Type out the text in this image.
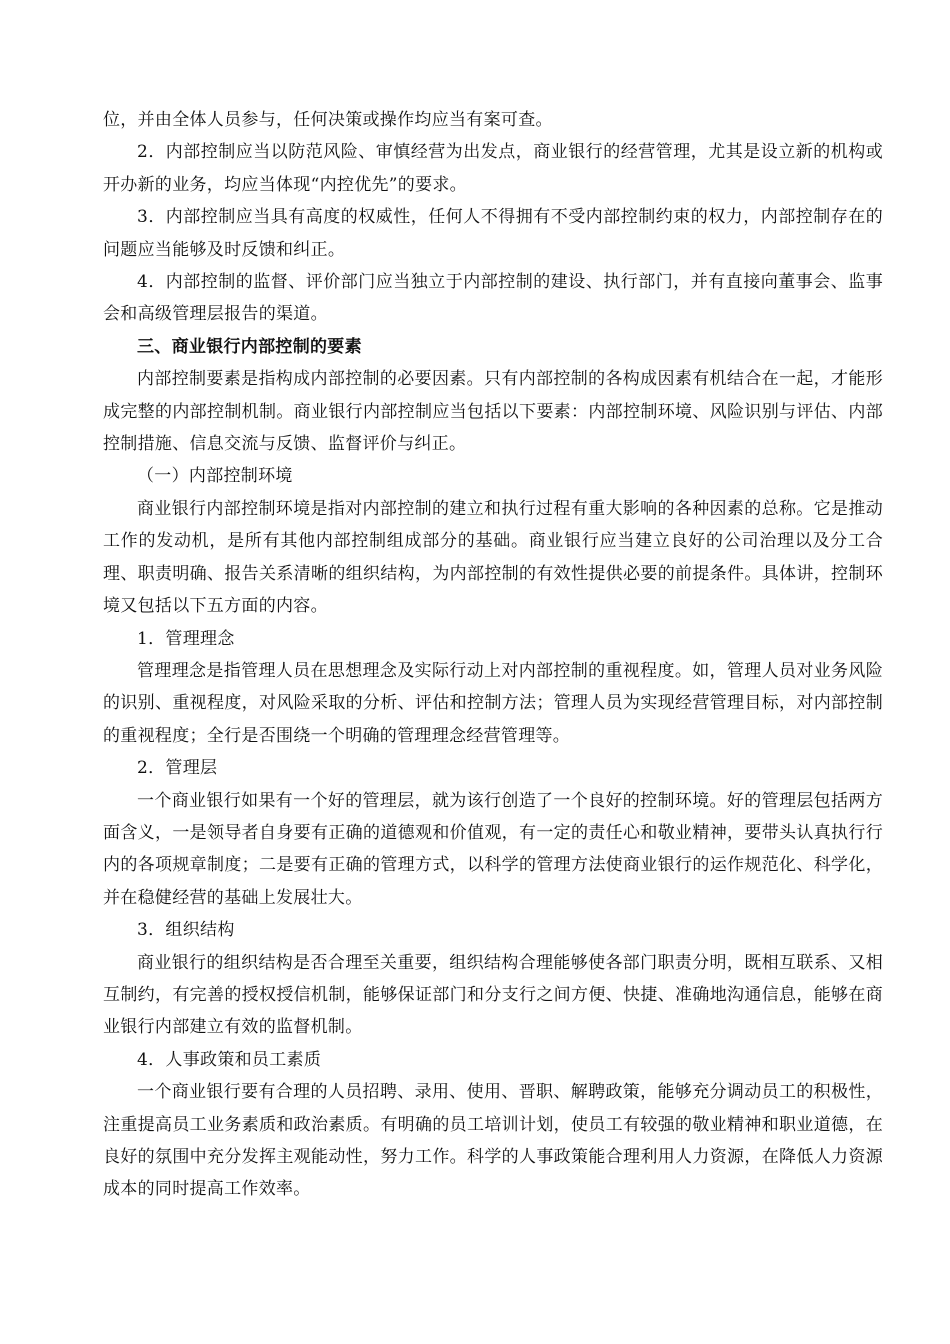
位，并由全体人员参与，任何决策或操作均应当有案可查。

2．内部控制应当以防范风险、审慎经营为出发点，商业银行的经营管理，尤其是设立新的机构或开办新的业务，均应当体现“内控优先”的要求。

3．内部控制应当具有高度的权威性，任何人不得拥有不受内部控制约束的权力，内部控制存在的问题应当能够及时反馈和纠正。

4．内部控制的监督、评价部门应当独立于内部控制的建设、执行部门，并有直接向董事会、监事会和高级管理层报告的渠道。

三、商业银行内部控制的要素

内部控制要素是指构成内部控制的必要因素。只有内部控制的各构成因素有机结合在一起，才能形成完整的内部控制机制。商业银行内部控制应当包括以下要素：内部控制环境、风险识别与评估、内部控制措施、信息交流与反馈、监督评价与纠正。

（一）内部控制环境

商业银行内部控制环境是指对内部控制的建立和执行过程有重大影响的各种因素的总称。它是推动工作的发动机，是所有其他内部控制组成部分的基础。商业银行应当建立良好的公司治理以及分工合理、职责明确、报告关系清晰的组织结构，为内部控制的有效性提供必要的前提条件。具体讲，控制环境又包括以下五方面的内容。

1．管理理念

管理理念是指管理人员在思想理念及实际行动上对内部控制的重视程度。如，管理人员对业务风险的识别、重视程度，对风险采取的分析、评估和控制方法；管理人员为实现经营管理目标，对内部控制的重视程度；全行是否围绕一个明确的管理理念经营管理等。

2．管理层

一个商业银行如果有一个好的管理层，就为该行创造了一个良好的控制环境。好的管理层包括两方面含义，一是领导者自身要有正确的道德观和价值观，有一定的责任心和敬业精神，要带头认真执行行内的各项规章制度；二是要有正确的管理方式，以科学的管理方法使商业银行的运作规范化、科学化，并在稳健经营的基础上发展壮大。

3．组织结构

商业银行的组织结构是否合理至关重要，组织结构合理能够使各部门职责分明，既相互联系、又相互制约，有完善的授权授信机制，能够保证部门和分支行之间方便、快捷、准确地沟通信息，能够在商业银行内部建立有效的监督机制。

4．人事政策和员工素质

一个商业银行要有合理的人员招聘、录用、使用、晋职、解聘政策，能够充分调动员工的积极性，注重提高员工业务素质和政治素质。有明确的员工培训计划，使员工有较强的敬业精神和职业道德，在良好的氛围中充分发挥主观能动性，努力工作。科学的人事政策能合理利用人力资源，在降低人力资源成本的同时提高工作效率。
